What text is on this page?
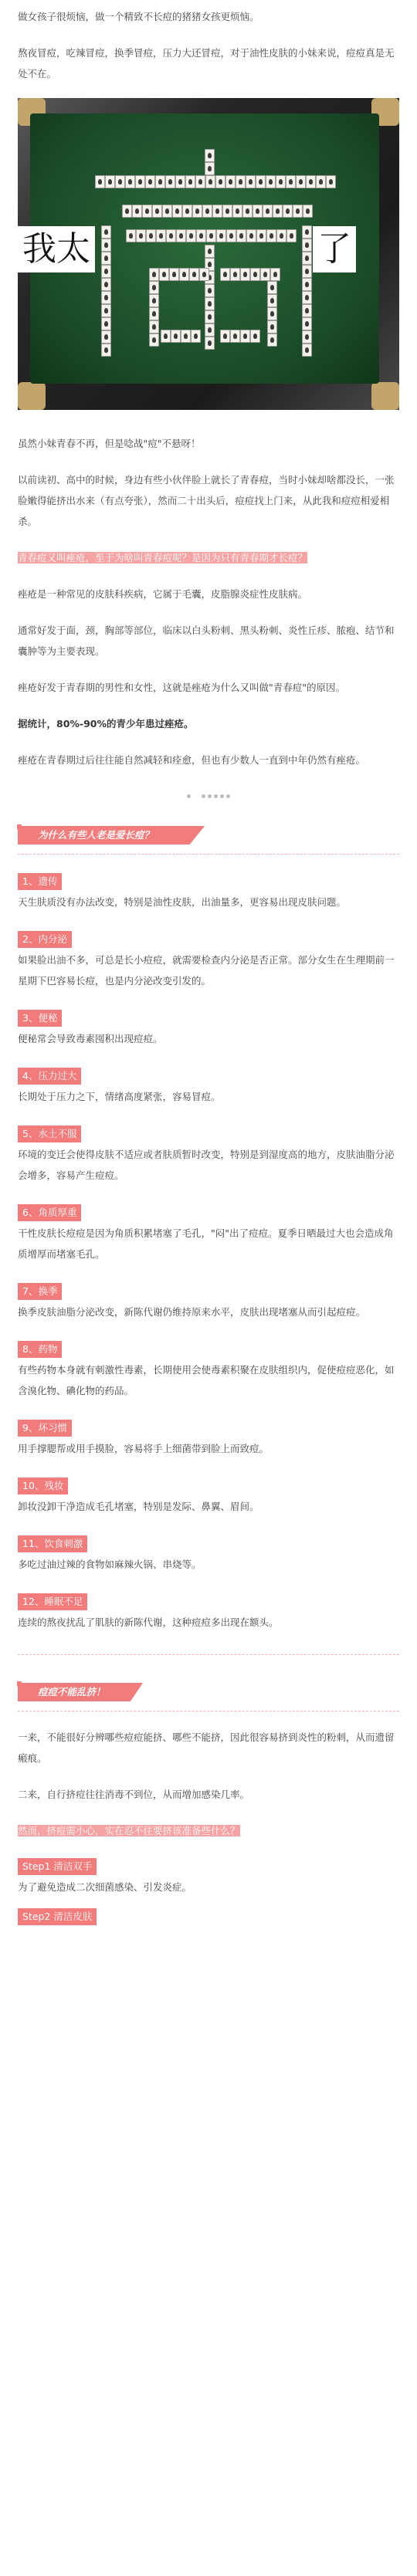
做女孩子很烦恼，做一个精致不长痘的猪猪女孩更烦恼。

熬夜冒痘，吃辣冒痘，换季冒痘，压力大还冒痘，对于油性皮肤的小妹来说，痘痘真是无处不在。

我太	了

虽然小妹青春不再，但是唸战"痘"不悬呀！

以前读初、高中的时候，身边有些小伙伴脸上就长了青春痘，当时小妹却啥都没长，一张脸嫩得能挤出水来（有点夸张），然而二十出头后，痘痘找上门来，从此我和痘痘相爱相杀。

青春痘又叫痤疮，至于为啥叫青春痘呢？是因为只有青春期才长痘？

痤疮是一种常见的皮肤科疾病，它属于毛囊，皮脂腺炎症性皮肤病。

通常好发于面，颈，胸部等部位，临床以白头粉刺、黑头粉刺、炎性丘疹、脓疱、结节和囊肿等为主要表现。

痤疮好发于青春期的男性和女性，这就是痤疮为什么又叫做"青春痘"的原因。

据统计，80%-90%的青少年患过痤疮。

痤疮在青春期过后往往能自然减轻和痊愈，但也有少数人一直到中年仍然有痤疮。

为什么有些人老是爱长痘？
1、遗传

天生肤质没有办法改变，特别是油性皮肤，出油量多，更容易出现皮肤问题。

2、内分泌

如果脸出油不多，可总是长小痘痘，就需要检查内分泌是否正常。部分女生在生理期前一星期下巴容易长痘，也是内分泌改变引发的。

3、便秘

便秘常会导致毒素囤积出现痘痘。

4、压力过大

长期处于压力之下，情绪高度紧张，容易冒痘。

5、水土不服

环境的变迁会使得皮肤不适应或者肤质暂时改变，特别是到湿度高的地方，皮肤油脂分泌会增多，容易产生痘痘。

6、角质厚重

干性皮肤长痘痘是因为角质积累堵塞了毛孔，"闷"出了痘痘。夏季日晒最过大也会造成角质增厚而堵塞毛孔。

7、换季

换季皮肤油脂分泌改变，新陈代谢仍维持原来水平，皮肤出现堵塞从而引起痘痘。

8、药物

有些药物本身就有刺激性毒素，长期使用会使毒素积聚在皮肤组织内，促使痘痘恶化，如含溴化物、碘化物的药品。

9、坏习惯

用手撑腮帮或用手摸脸，容易将手上细菌带到脸上而致痘。

10、残妆

卸妆没卸干净造成毛孔堵塞，特别是发际、鼻翼、眉间。

11、饮食刺激

多吃过油过辣的食物如麻辣火锅、串烧等。

12、睡眠不足

连续的熬夜扰乱了肌肤的新陈代谢，这种痘痘多出现在额头。

痘痘不能乱挤！

一来，不能很好分辨哪些痘痘能挤、哪些不能挤，因此很容易挤到炎性的粉刺，从而遗留瘢痕。

二来，自行挤痘往往消毒不到位，从而增加感染几率。

然而，挤痘需小心，实在忍不住要挤该准备些什么？

Step1 清洁双手

为了避免造成二次细菌感染、引发炎症。

Step2 清洁皮肤
